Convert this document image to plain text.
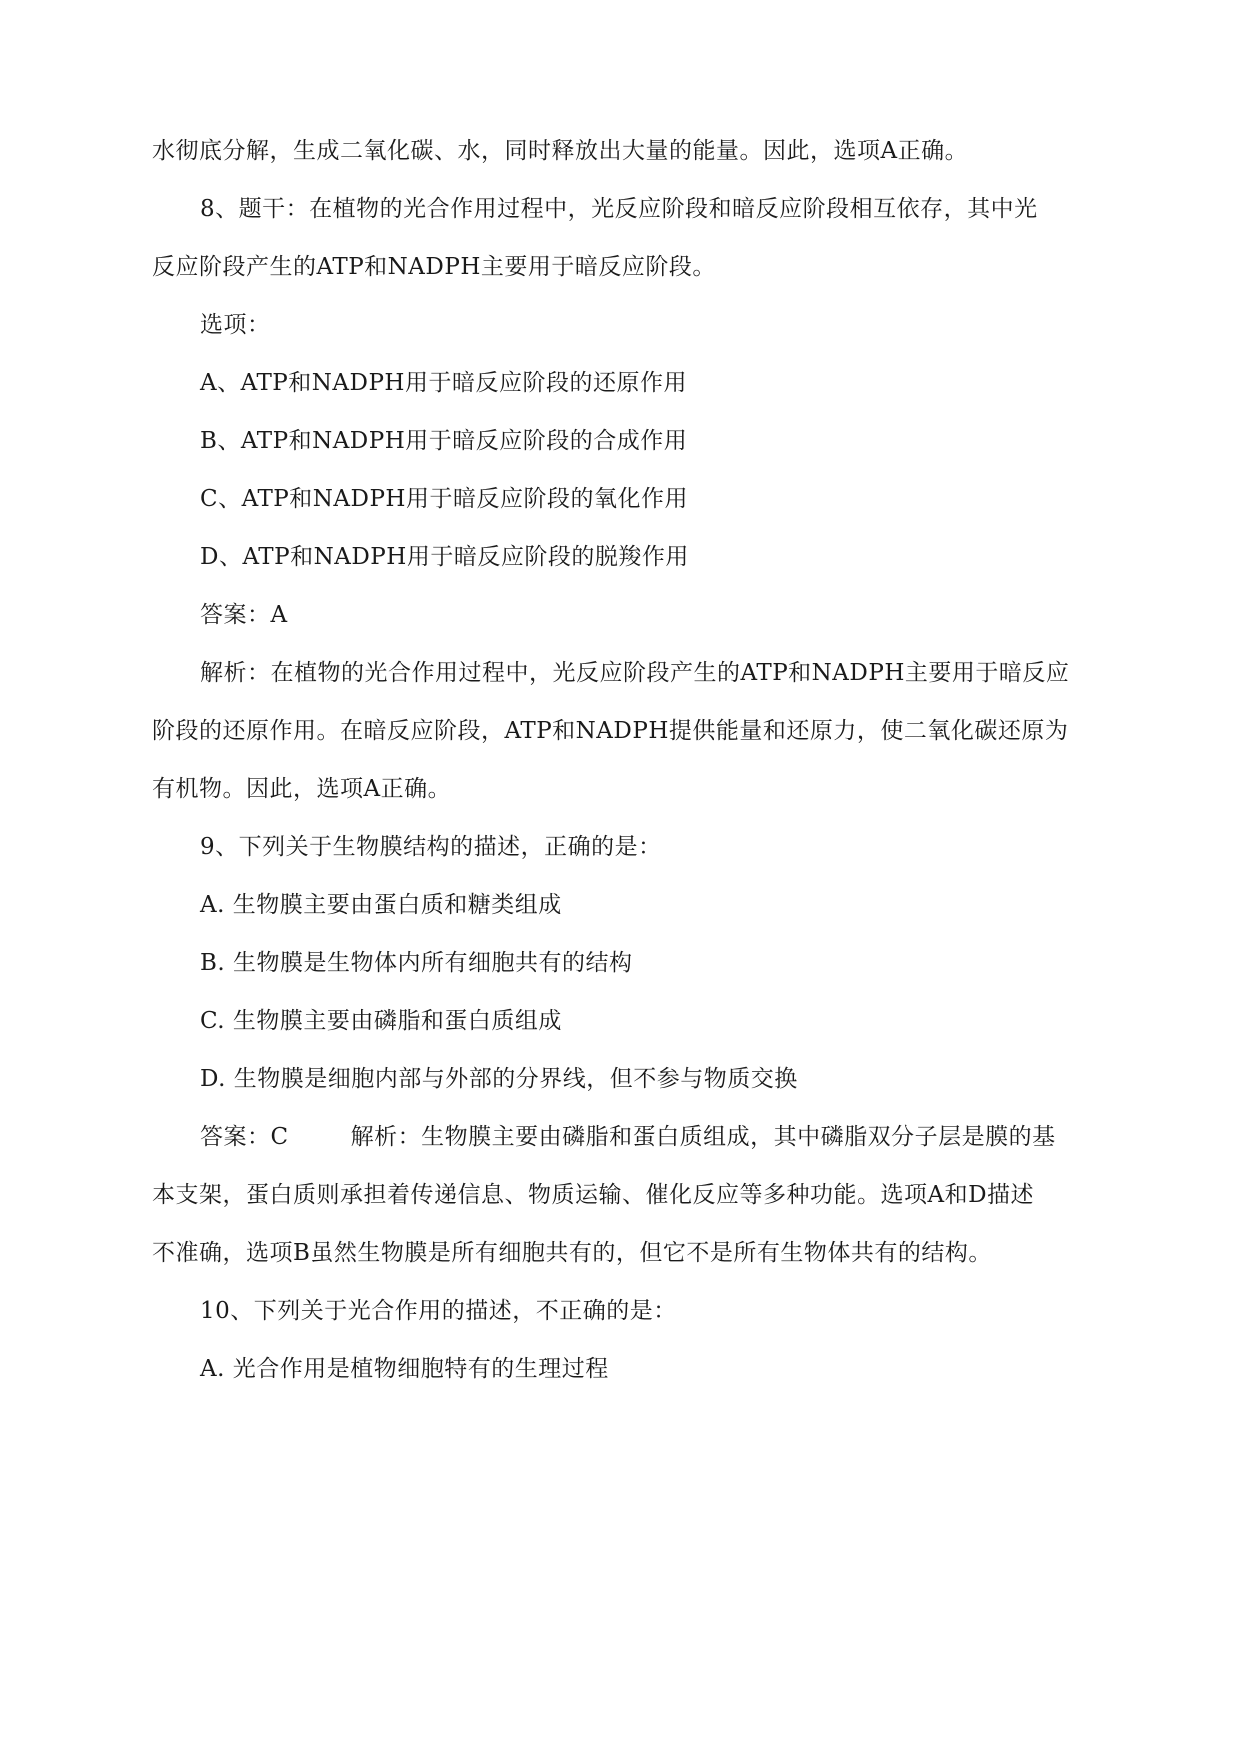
水彻底分解，生成二氧化碳、水，同时释放出大量的能量。因此，选项A正确。
8、题干：在植物的光合作用过程中，光反应阶段和暗反应阶段相互依存，其中光
反应阶段产生的ATP和NADPH主要用于暗反应阶段。
选项：
A、ATP和NADPH用于暗反应阶段的还原作用
B、ATP和NADPH用于暗反应阶段的合成作用
C、ATP和NADPH用于暗反应阶段的氧化作用
D、ATP和NADPH用于暗反应阶段的脱羧作用
答案：A
解析：在植物的光合作用过程中，光反应阶段产生的ATP和NADPH主要用于暗反应
阶段的还原作用。在暗反应阶段，ATP和NADPH提供能量和还原力，使二氧化碳还原为
有机物。因此，选项A正确。
9、下列关于生物膜结构的描述，正确的是：
A. 生物膜主要由蛋白质和糖类组成
B. 生物膜是生物体内所有细胞共有的结构
C. 生物膜主要由磷脂和蛋白质组成
D. 生物膜是细胞内部与外部的分界线，但不参与物质交换
答案：C	解析：生物膜主要由磷脂和蛋白质组成，其中磷脂双分子层是膜的基
本支架，蛋白质则承担着传递信息、物质运输、催化反应等多种功能。选项A和D描述
不准确，选项B虽然生物膜是所有细胞共有的，但它不是所有生物体共有的结构。
10、下列关于光合作用的描述，不正确的是：
A. 光合作用是植物细胞特有的生理过程
